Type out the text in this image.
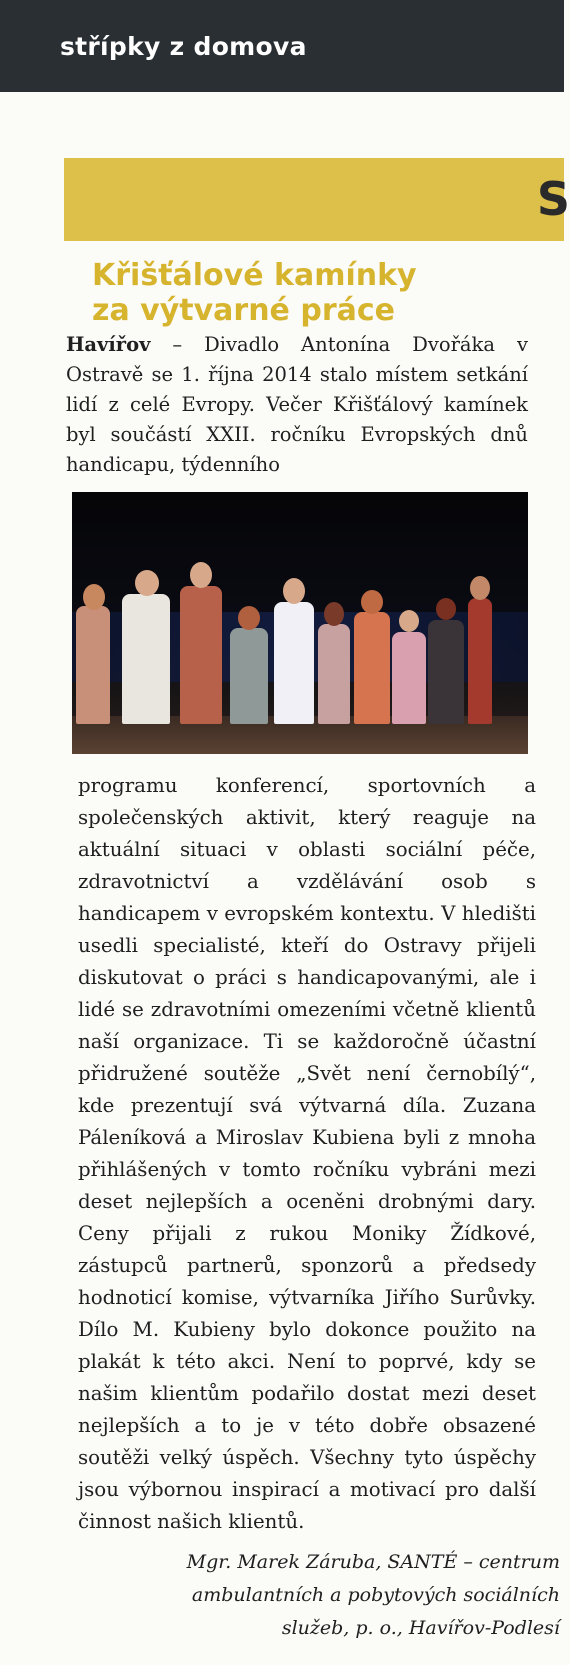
střípky z domova
S
Křišťálové kamínky
za výtvarné práce

Havířov – Divadlo Antonína Dvořáka v Ostravě se 1. října 2014 stalo místem setkání lidí z celé Evropy. Večer Křišťálový kamínek byl součástí XXII. ročníku Evropských dnů handicapu, týdenního

programu konferencí, sportovních a společenských aktivit, který reaguje na aktuální situaci v oblasti sociální péče, zdravotnictví a vzdělávání osob s handicapem v evropském kontextu. V hledišti usedli specialisté, kteří do Ostravy přijeli diskutovat o práci s handicapovanými, ale i lidé se zdravotními omezeními včetně klientů naší organizace. Ti se každoročně účastní přidružené soutěže „Svět není černobílý“, kde prezentují svá výtvarná díla. Zuzana Páleníková a Miroslav Kubiena byli z mnoha přihlášených v tomto ročníku vybráni mezi deset nejlepších a oceněni drobnými dary. Ceny přijali z rukou Moniky Žídkové, zástupců partnerů, sponzorů a předsedy hodnoticí komise, výtvarníka Jiřího Surůvky. Dílo M. Kubieny bylo dokonce použito na plakát k této akci. Není to poprvé, kdy se našim klientům podařilo dostat mezi deset nejlepších a to je v této dobře obsazené soutěži velký úspěch. Všechny tyto úspěchy jsou výbornou inspirací a motivací pro další činnost našich klientů.

Mgr. Marek Záruba, SANTÉ – centrum
ambulantních a pobytových sociálních
služeb, p. o., Havířov-Podlesí
